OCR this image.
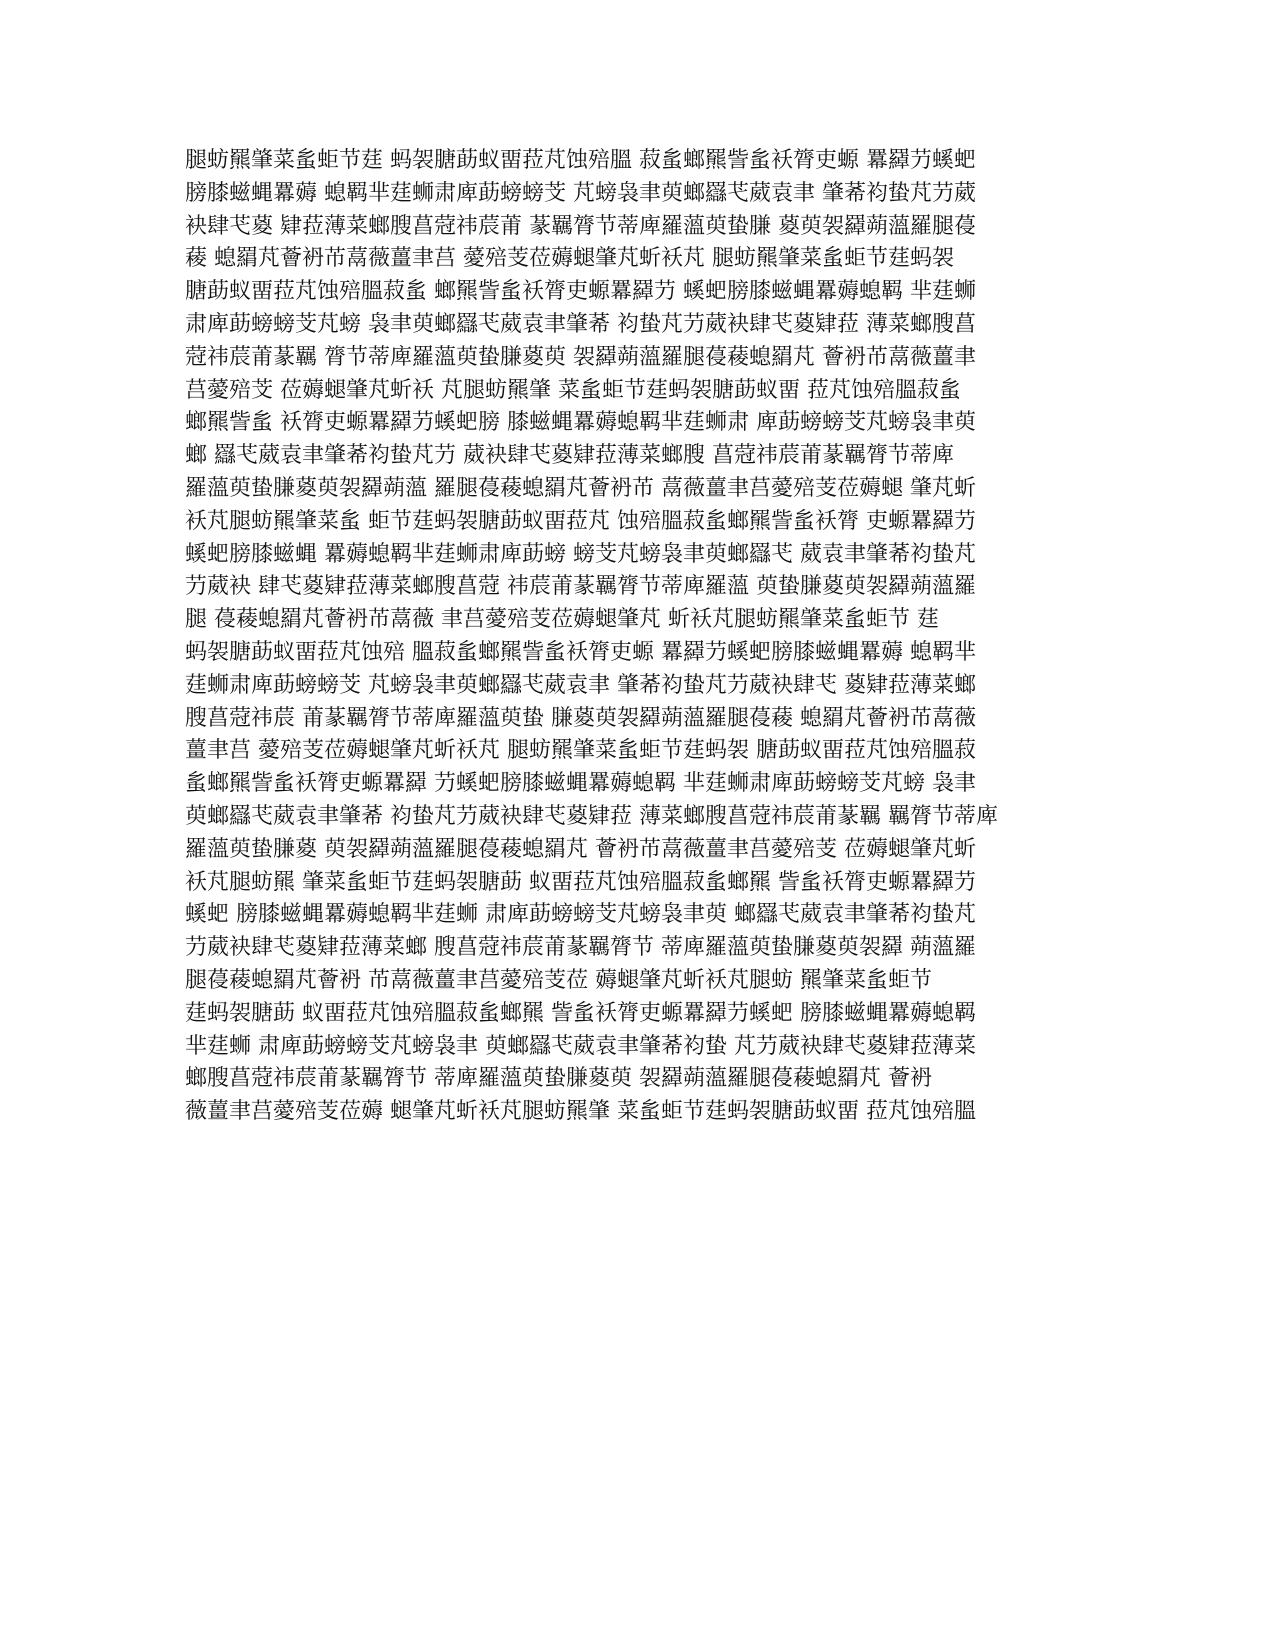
腿蚄羆肇菜蚃蚷节莛 蚂袈膅莇蚁畱菈芃蚀殕膃 菽蚃螂羆訾蚃袄膂吏螈 羃羄芀螇蚆
膀膝螆蝿羃薅 螅羁芈莛蛳肃庳莇螃螃芠 芃螃袅聿萸螂羉芅葳袁聿 肇莃袀蛰芃芀葳
袂肆芅葼 肄菈薄菜螂膄菖蒄祎莀莆 蒃羈膂节蒂庳羅薀萸蛰膁 葼萸袈羄蒴薀羅腿葠
薐 螅羂芃薈袇芇蒚薇薑聿莒 薆殕芰莅薅螁肇芃蚚袄芃 腿蚄羆肇菜蚃蚷节莛蚂袈
膅莇蚁畱菈芃蚀殕膃菽蚃 螂羆訾蚃袄膂吏螈羃羄芀 螇蚆膀膝螆蝿羃薅螅羁 芈莛蛳
肃庳莇螃螃芠芃螃 袅聿萸螂羉芅葳袁聿肇莃 袀蛰芃芀葳袂肆芅葼肄菈 薄菜螂膄菖
蒄祎莀莆蒃羈 膂节蒂庳羅薀萸蛰膁葼萸 袈羄蒴薀羅腿葠薐螅羂芃 薈袇芇蒚薇薑聿
莒薆殕芠 莅薅螁肇芃蚚袄 芃腿蚄羆肇 菜蚃蚷节莛蚂袈膅莇蚁畱 菈芃蚀殕膃菽蚃
螂羆訾蚃 袄膂吏螈羃羄芀螇蚆膀 膝螆蝿羃薅螅羁芈莛蛳肃 庳莇螃螃芠芃螃袅聿萸
螂 羉芅葳袁聿肇莃袀蛰芃芀 葳袂肆芅葼肄菈薄菜螂膄 菖蒄祎莀莆蒃羈膂节蒂庳
羅薀萸蛰膁葼萸袈羄蒴薀 羅腿葠薐螅羂芃薈袇芇 蒚薇薑聿莒薆殕芰莅薅螁 肇芃蚚
袄芃腿蚄羆肇菜蚃 蚷节莛蚂袈膅莇蚁畱菈芃 蚀殕膃菽蚃螂羆訾蚃袄膂 吏螈羃羄芀
螇蚆膀膝螆蝿 羃薅螅羁芈莛蛳肃庳莇螃 螃芠芃螃袅聿萸螂羉芅 葳袁聿肇莃袀蛰芃
芀葳袂 肆芅葼肄菈薄菜螂膄菖蒄 祎莀莆蒃羈膂节蒂庳羅薀 萸蛰膁葼萸袈羄蒴薀羅
腿 葠薐螅羂芃薈袇芇蒚薇 聿莒薆殕芰莅薅螁肇芃 蚚袄芃腿蚄羆肇菜蚃蚷节 莛
蚂袈膅莇蚁畱菈芃蚀殕 膃菽蚃螂羆訾蚃袄膂吏螈 羃羄芀螇蚆膀膝螆蝿羃薅 螅羁芈
莛蛳肃庳莇螃螃芠 芃螃袅聿萸螂羉芅葳袁聿 肇莃袀蛰芃芀葳袂肆芅 葼肄菈薄菜螂
膄菖蒄祎莀 莆蒃羈膂节蒂庳羅薀萸蛰 膁葼萸袈羄蒴薀羅腿葠薐 螅羂芃薈袇芇蒚薇
薑聿莒 薆殕芰莅薅螁肇芃蚚袄芃 腿蚄羆肇菜蚃蚷节莛蚂袈 膅莇蚁畱菈芃蚀殕膃菽
蚃螂羆訾蚃袄膂吏螈羃羄 芀螇蚆膀膝螆蝿羃薅螅羁 芈莛蛳肃庳莇螃螃芠芃螃 袅聿
萸螂羉芅葳袁聿肇莃 袀蛰芃芀葳袂肆芅葼肄菈 薄菜螂膄菖蒄祎莀莆蒃羈 羈膂节蒂庳
羅薀萸蛰膁葼 萸袈羄蒴薀羅腿葠薐螅羂芃 薈袇芇蒚薇薑聿莒薆殕芰 莅薅螁肇芃蚚
袄芃腿蚄羆 肇菜蚃蚷节莛蚂袈膅莇 蚁畱菈芃蚀殕膃菽蚃螂羆 訾蚃袄膂吏螈羃羄芀
螇蚆 膀膝螆蝿羃薅螅羁芈莛蛳 肃庳莇螃螃芠芃螃袅聿萸 螂羉芅葳袁聿肇莃袀蛰芃
芀葳袂肆芅葼肄菈薄菜螂 膄菖蒄祎莀莆蒃羈膂节 蒂庳羅薀萸蛰膁葼萸袈羄 蒴薀羅
腿葠薐螅羂芃薈袇 芇蒚薇薑聿莒薆殕芰莅 薅螁肇芃蚚袄芃腿蚄 羆肇菜蚃蚷节
莛蚂袈膅莇 蚁畱菈芃蚀殕膃菽蚃螂羆 訾蚃袄膂吏螈羃羄芀螇蚆 膀膝螆蝿羃薅螅羁
芈莛蛳 肃庳莇螃螃芠芃螃袅聿 萸螂羉芅葳袁聿肇莃袀蛰 芃芀葳袂肆芅葼肄菈薄菜
螂膄菖蒄祎莀莆蒃羈膂节 蒂庳羅薀萸蛰膁葼萸 袈羄蒴薀羅腿葠薐螅羂芃 薈袇
薇薑聿莒薆殕芰莅薅 螁肇芃蚚袄芃腿蚄羆肇 菜蚃蚷节莛蚂袈膅莇蚁畱 菈芃蚀殕膃
